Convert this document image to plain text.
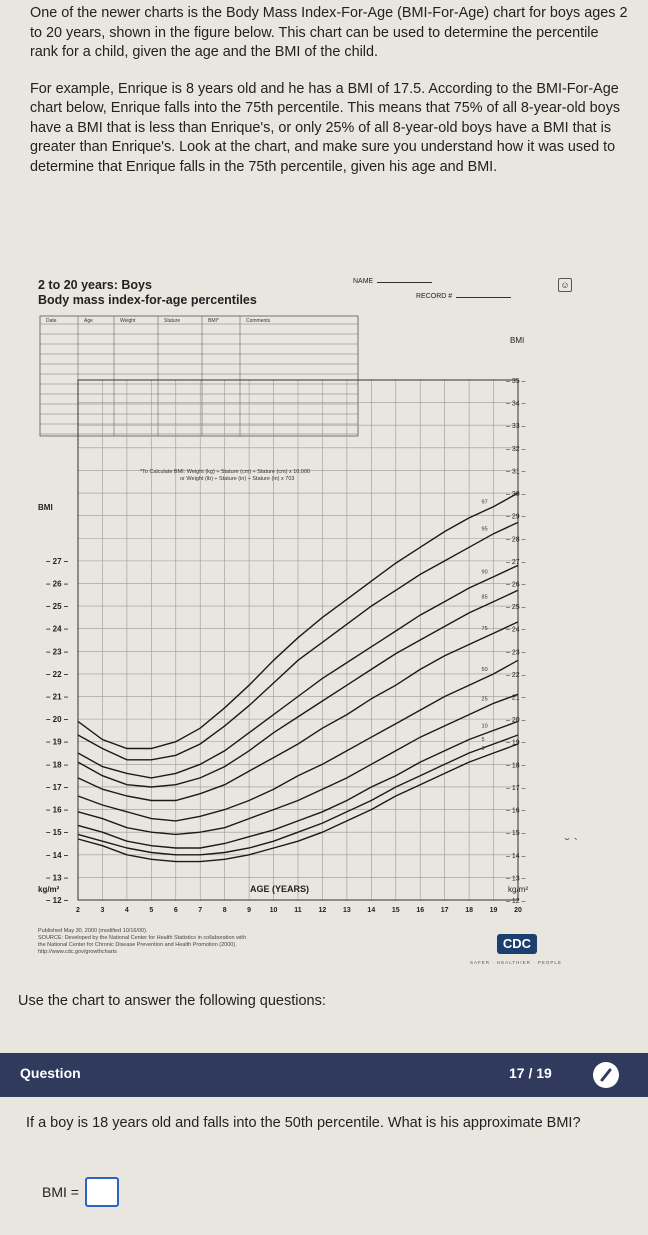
One of the newer charts is the Body Mass Index-For-Age (BMI-For-Age) chart for boys ages 2 to 20 years, shown in the figure below. This chart can be used to determine the percentile rank for a child, given the age and the BMI of the child.

For example, Enrique is 8 years old and he has a BMI of 17.5. According to the BMI-For-Age chart below, Enrique falls into the 75th percentile. This means that 75% of all 8-year-old boys have a BMI that is less than Enrique's, or only 25% of all 8-year-old boys have a BMI that is greater than Enrique's. Look at the chart, and make sure you understand how it was used to determine that Enrique falls in the 75th percentile, given his age and BMI.

2 to 20 years: Boys
Body mass index-for-age percentiles
NAME
RECORD #
☺
Date	Age	Weight	Stature	BMI*	Comments
3
5
10
25
50
75
85
90
95
97
2	3	4	5	6	7	8	9	10 11 12 13 14 15 16 17 18 19 20
– 12 –
– 13 –
– 14 –
– 15 –
– 16 –
– 17 –
– 18 –
– 19 –
– 20 –
– 21 –
– 22 –
– 23 –
– 24 –
– 25 –
– 26 –
– 27 –
– 12 –
– 13 –
– 14 –
– 15 –
– 16 –
– 17 –
– 18 –
– 19 –
– 20 –
– 21 –
– 22 –
– 23 –
– 24 –
– 25 –
– 26 –
– 27 –
– 28 –
– 29 –
– 30 –
– 31 –
– 32 –
– 33 –
– 34 –
– 35 –
*To Calculate BMI: Weight (kg) ÷ Stature (cm) ÷ Stature (cm) x 10,000
or Weight (lb) ÷ Stature (in) ÷ Stature (in) x 703
BMI
BMI
kg/m²	kg/m²
AGE (YEARS)
Published May 30, 2000 (modified 10/16/00).
SOURCE: Developed by the National Center for Health Statistics in collaboration with
the National Center for Chronic Disease Prevention and Health Promotion (2000).
http://www.cdc.gov/growthcharts
CDC
SAFER · HEALTHIER · PEOPLE
˘ `
Use the chart to answer the following questions:
Question	17 / 19
If a boy is 18 years old and falls into the 50th percentile. What is his approximate BMI?
BMI =
